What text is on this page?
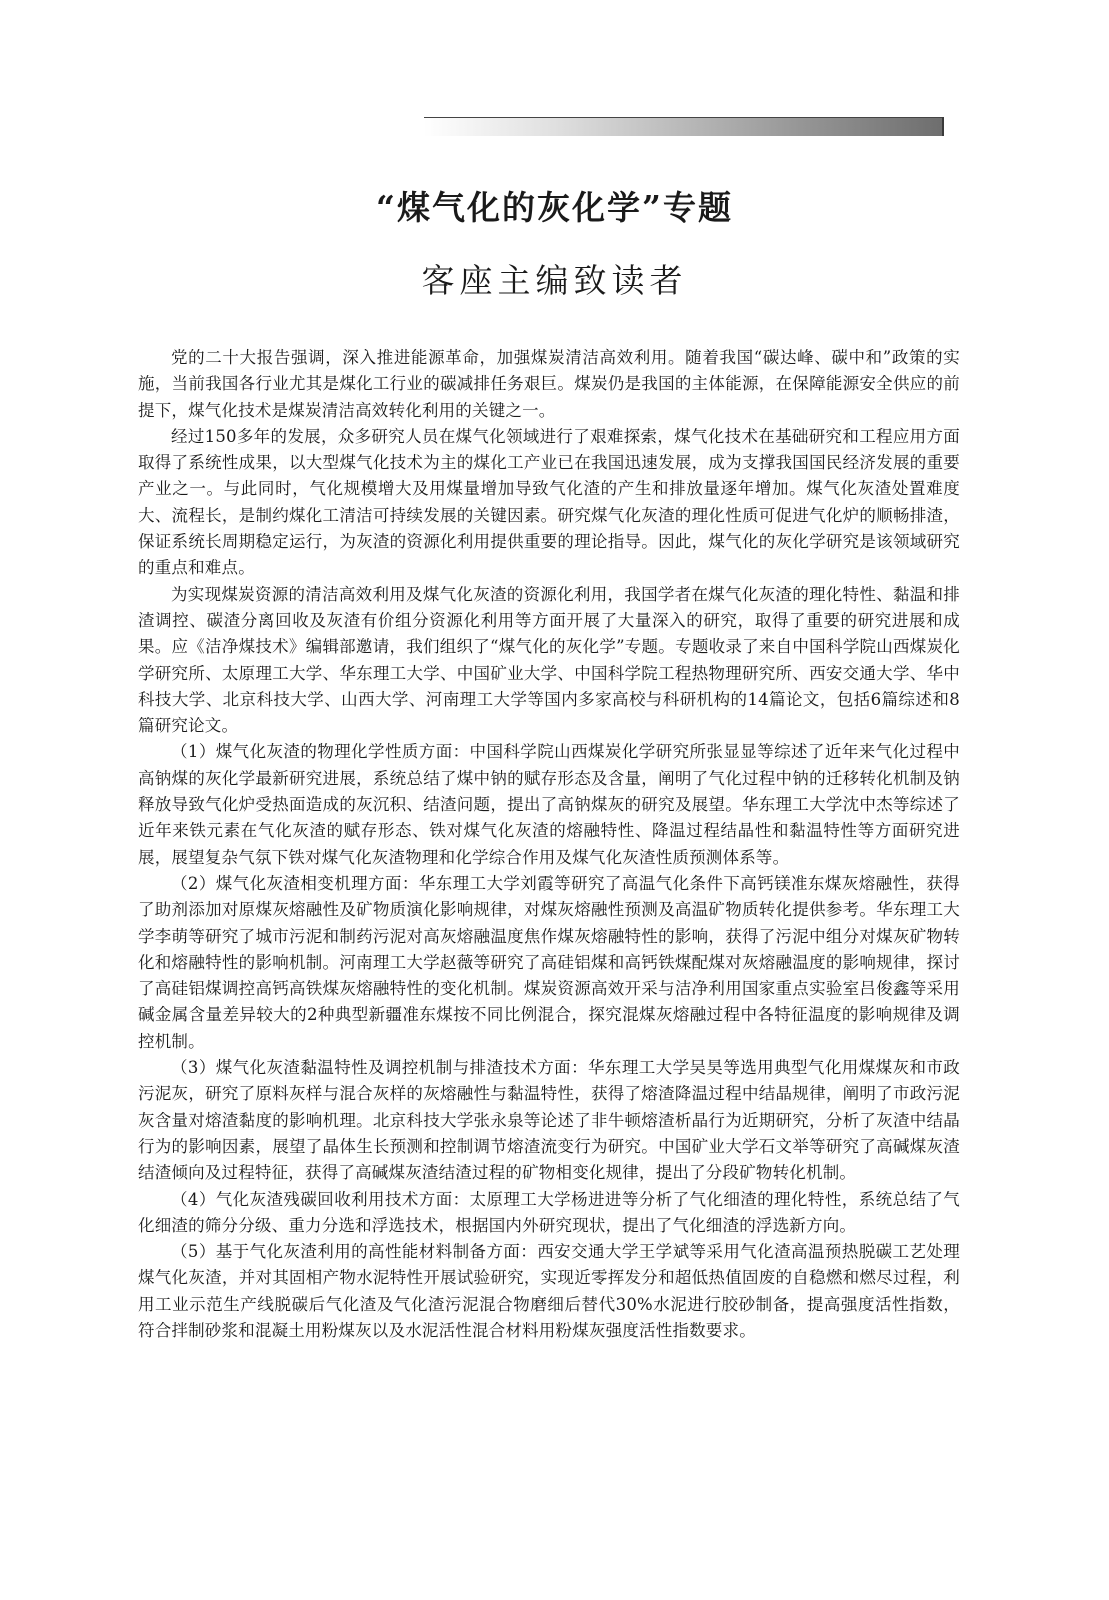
“煤气化的灰化学”专题
客座主编致读者

党的二十大报告强调，深入推进能源革命，加强煤炭清洁高效利用。随着我国“碳达峰、碳中和”政策的实施，当前我国各行业尤其是煤化工行业的碳减排任务艰巨。煤炭仍是我国的主体能源，在保障能源安全供应的前提下，煤气化技术是煤炭清洁高效转化利用的关键之一。

经过150多年的发展，众多研究人员在煤气化领域进行了艰难探索，煤气化技术在基础研究和工程应用方面取得了系统性成果，以大型煤气化技术为主的煤化工产业已在我国迅速发展，成为支撑我国国民经济发展的重要产业之一。与此同时，气化规模增大及用煤量增加导致气化渣的产生和排放量逐年增加。煤气化灰渣处置难度大、流程长，是制约煤化工清洁可持续发展的关键因素。研究煤气化灰渣的理化性质可促进气化炉的顺畅排渣，保证系统长周期稳定运行，为灰渣的资源化利用提供重要的理论指导。因此，煤气化的灰化学研究是该领域研究的重点和难点。

为实现煤炭资源的清洁高效利用及煤气化灰渣的资源化利用，我国学者在煤气化灰渣的理化特性、黏温和排渣调控、碳渣分离回收及灰渣有价组分资源化利用等方面开展了大量深入的研究，取得了重要的研究进展和成果。应《洁净煤技术》编辑部邀请，我们组织了“煤气化的灰化学”专题。专题收录了来自中国科学院山西煤炭化学研究所、太原理工大学、华东理工大学、中国矿业大学、中国科学院工程热物理研究所、西安交通大学、华中科技大学、北京科技大学、山西大学、河南理工大学等国内多家高校与科研机构的14篇论文，包括6篇综述和8篇研究论文。

（1）煤气化灰渣的物理化学性质方面：中国科学院山西煤炭化学研究所张显显等综述了近年来气化过程中高钠煤的灰化学最新研究进展，系统总结了煤中钠的赋存形态及含量，阐明了气化过程中钠的迁移转化机制及钠释放导致气化炉受热面造成的灰沉积、结渣问题，提出了高钠煤灰的研究及展望。华东理工大学沈中杰等综述了近年来铁元素在气化灰渣的赋存形态、铁对煤气化灰渣的熔融特性、降温过程结晶性和黏温特性等方面研究进展，展望复杂气氛下铁对煤气化灰渣物理和化学综合作用及煤气化灰渣性质预测体系等。

（2）煤气化灰渣相变机理方面：华东理工大学刘霞等研究了高温气化条件下高钙镁准东煤灰熔融性，获得了助剂添加对原煤灰熔融性及矿物质演化影响规律，对煤灰熔融性预测及高温矿物质转化提供参考。华东理工大学李萌等研究了城市污泥和制药污泥对高灰熔融温度焦作煤灰熔融特性的影响，获得了污泥中组分对煤灰矿物转化和熔融特性的影响机制。河南理工大学赵薇等研究了高硅铝煤和高钙铁煤配煤对灰熔融温度的影响规律，探讨了高硅铝煤调控高钙高铁煤灰熔融特性的变化机制。煤炭资源高效开采与洁净利用国家重点实验室吕俊鑫等采用碱金属含量差异较大的2种典型新疆准东煤按不同比例混合，探究混煤灰熔融过程中各特征温度的影响规律及调控机制。

（3）煤气化灰渣黏温特性及调控机制与排渣技术方面：华东理工大学吴昊等选用典型气化用煤煤灰和市政污泥灰，研究了原料灰样与混合灰样的灰熔融性与黏温特性，获得了熔渣降温过程中结晶规律，阐明了市政污泥灰含量对熔渣黏度的影响机理。北京科技大学张永泉等论述了非牛顿熔渣析晶行为近期研究，分析了灰渣中结晶行为的影响因素，展望了晶体生长预测和控制调节熔渣流变行为研究。中国矿业大学石文举等研究了高碱煤灰渣结渣倾向及过程特征，获得了高碱煤灰渣结渣过程的矿物相变化规律，提出了分段矿物转化机制。

（4）气化灰渣残碳回收利用技术方面：太原理工大学杨进进等分析了气化细渣的理化特性，系统总结了气化细渣的筛分分级、重力分选和浮选技术，根据国内外研究现状，提出了气化细渣的浮选新方向。

（5）基于气化灰渣利用的高性能材料制备方面：西安交通大学王学斌等采用气化渣高温预热脱碳工艺处理煤气化灰渣，并对其固相产物水泥特性开展试验研究，实现近零挥发分和超低热值固废的自稳燃和燃尽过程，利用工业示范生产线脱碳后气化渣及气化渣污泥混合物磨细后替代30%水泥进行胶砂制备，提高强度活性指数，符合拌制砂浆和混凝土用粉煤灰以及水泥活性混合材料用粉煤灰强度活性指数要求。
